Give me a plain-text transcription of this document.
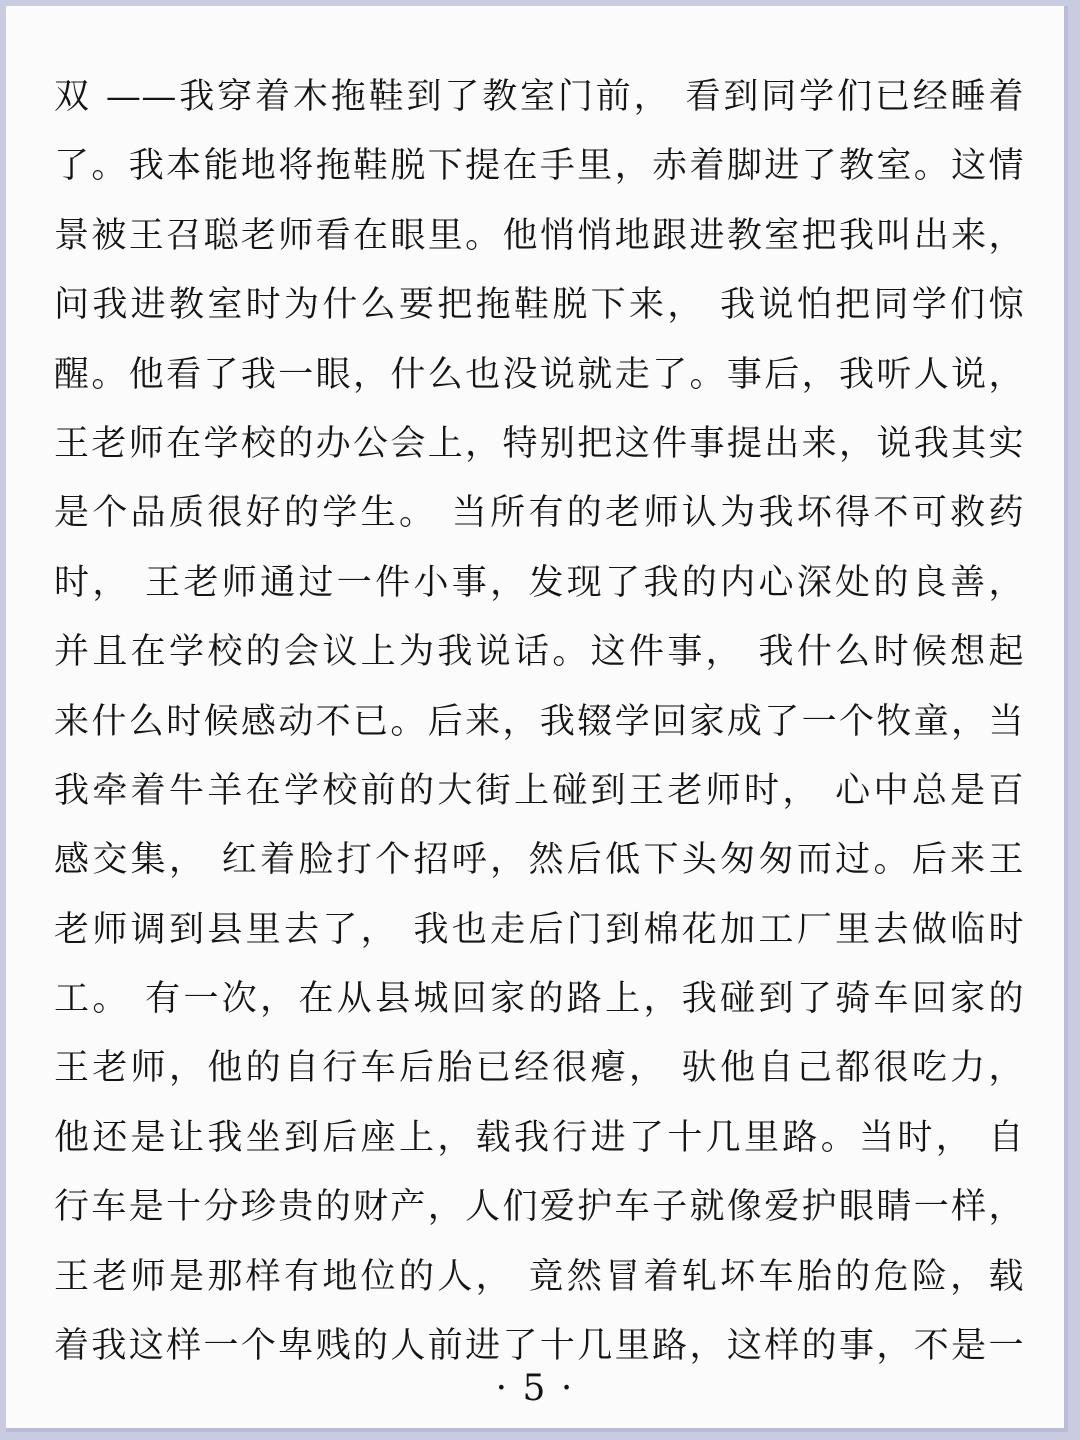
双 ——我穿着木拖鞋到了教室门前， 看到同学们已经睡着
了。我本能地将拖鞋脱下提在手里，赤着脚进了教室。这情
景被王召聪老师看在眼里。他悄悄地跟进教室把我叫出来，
问我进教室时为什么要把拖鞋脱下来， 我说怕把同学们惊
醒。他看了我一眼，什么也没说就走了。事后，我听人说，
王老师在学校的办公会上，特别把这件事提出来，说我其实
是个品质很好的学生。 当所有的老师认为我坏得不可救药
时， 王老师通过一件小事，发现了我的内心深处的良善，
并且在学校的会议上为我说话。这件事， 我什么时候想起
来什么时候感动不已。后来，我辍学回家成了一个牧童，当
我牵着牛羊在学校前的大街上碰到王老师时， 心中总是百
感交集， 红着脸打个招呼，然后低下头匆匆而过。后来王
老师调到县里去了， 我也走后门到棉花加工厂里去做临时
工。 有一次，在从县城回家的路上，我碰到了骑车回家的
王老师，他的自行车后胎已经很瘪， 驮他自己都很吃力，
他还是让我坐到后座上，载我行进了十几里路。当时， 自
行车是十分珍贵的财产，人们爱护车子就像爱护眼睛一样，
王老师是那样有地位的人， 竟然冒着轧坏车胎的危险，载
着我这样一个卑贱的人前进了十几里路，这样的事，不是一
· 5 ·
